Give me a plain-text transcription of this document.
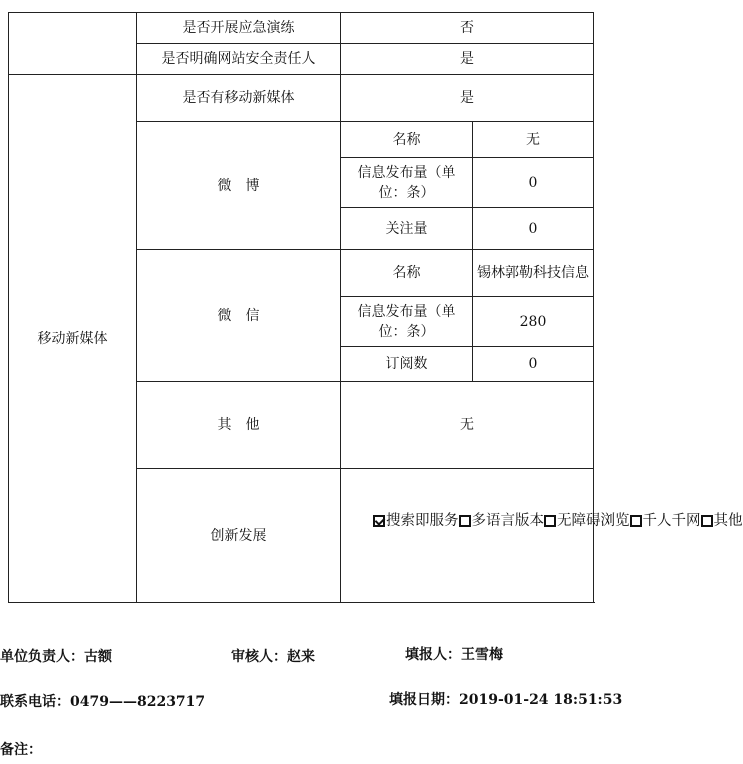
	是否开展应急演练	否	
	是否明确网站安全责任人	是	
移动新媒体	是否有移动新媒体	是	
	微　博	名称	无
		信息发布量（单位：条）	0
		关注量	0
	微　信	名称	锡林郭勒科技信息
		信息发布量（单位：条）	280
		订阅数	0
	其　他	无	
	创新发展	搜索即服务 多语言版本 无障碍浏览 千人千网 其他	
单位负责人：古额	审核人：赵来	填报人：王雪梅
联系电话：0479——8223717	填报日期：2019-01-24 18:51:53
备注：
